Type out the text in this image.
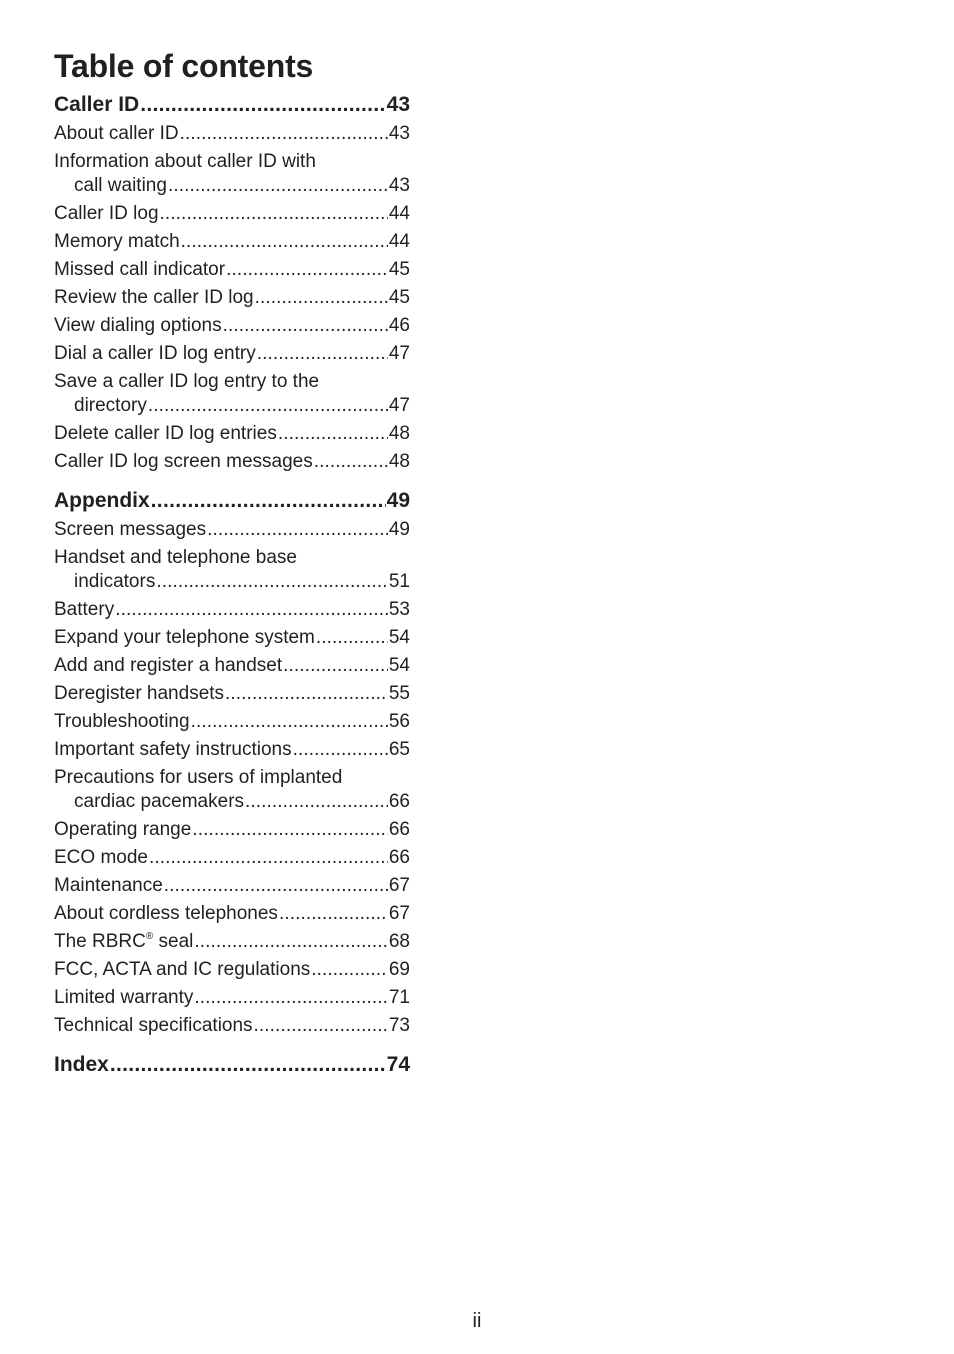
Table of contents
Caller ID .....	43
About caller ID .....	43
Information about caller ID with
call waiting .....	43
Caller ID log .....	44
Memory match .....	44
Missed call indicator .....	45
Review the caller ID log .....	45
View dialing options .....	46
Dial a caller ID log entry .....	47
Save a caller ID log entry to the
directory .....	47
Delete caller ID log entries .....	48
Caller ID log screen messages .....	48
Appendix .....	49
Screen messages .....	49
Handset and telephone base
indicators .....	51
Battery .....	53
Expand your telephone system .....	54
Add and register a handset .....	54
Deregister handsets .....	55
Troubleshooting .....	56
Important safety instructions .....	65
Precautions for users of implanted
cardiac pacemakers .....	66
Operating range .....	66
ECO mode .....	66
Maintenance .....	67
About cordless telephones .....	67
The RBRC® seal .....	68
FCC, ACTA and IC regulations .....	69
Limited warranty .....	71
Technical specifications .....	73
Index .....	74
ii
